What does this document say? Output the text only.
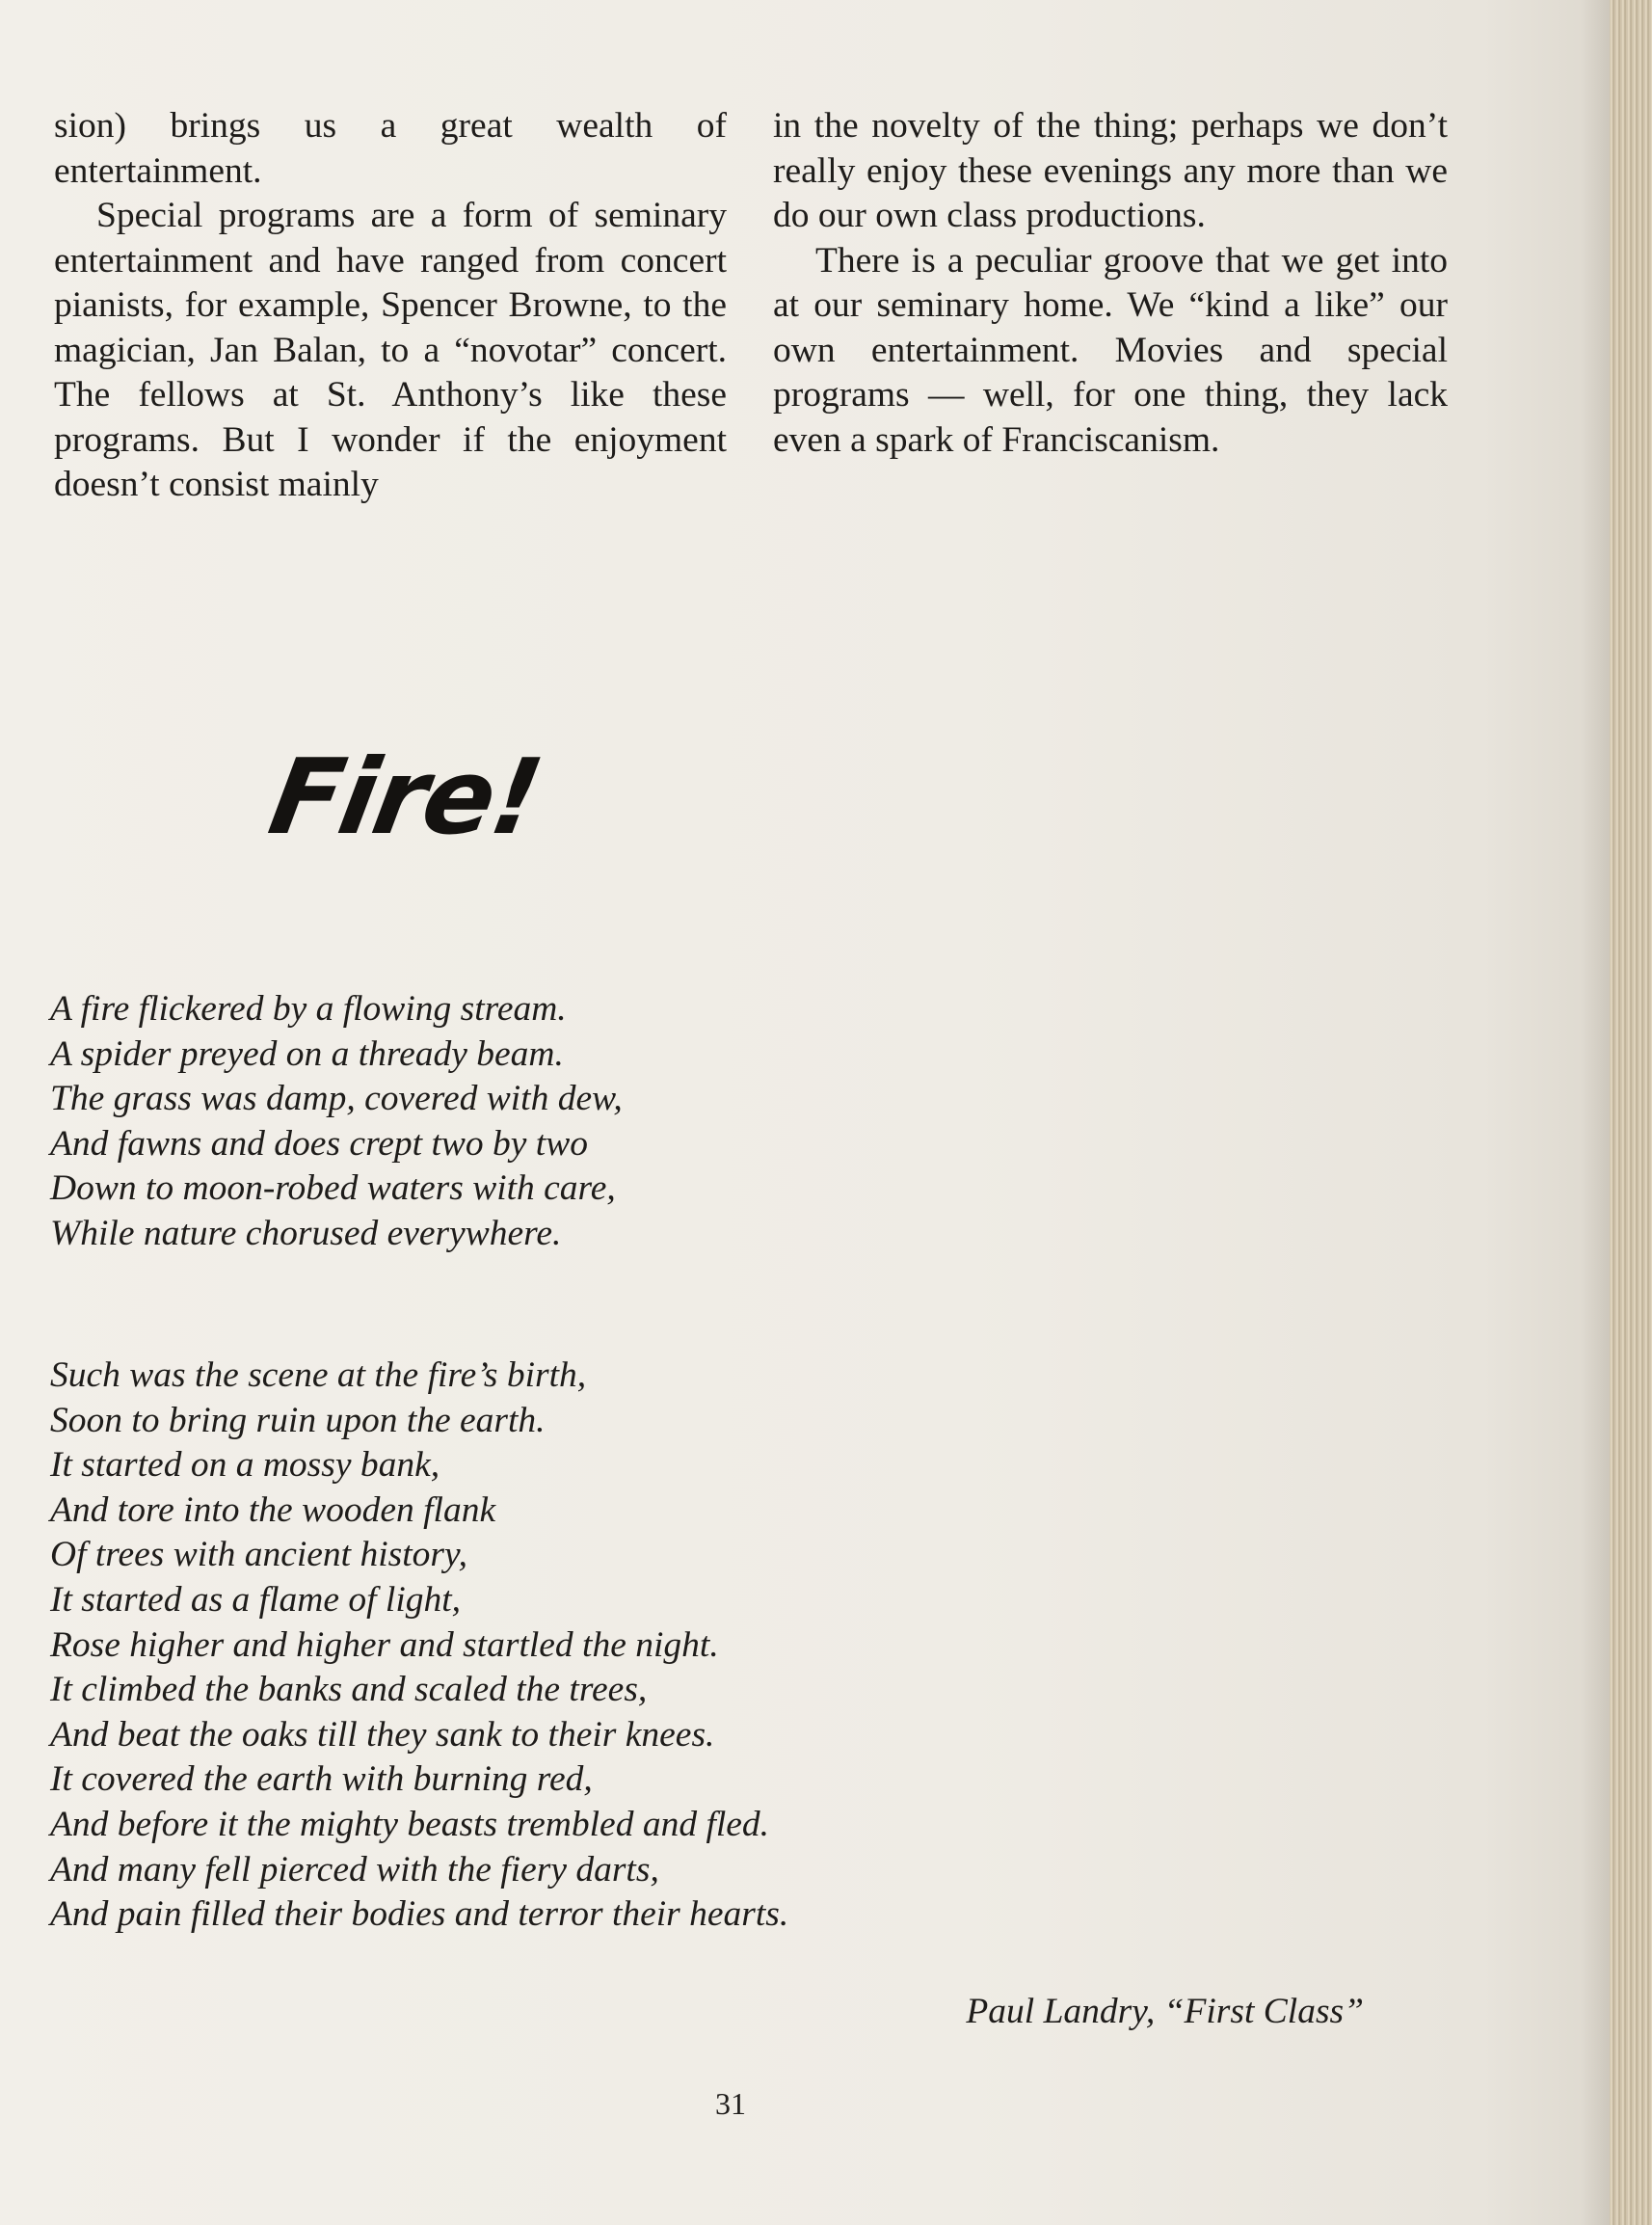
sion) brings us a great wealth of entertainment.

Special programs are a form of seminary entertainment and have ranged from concert pianists, for example, Spencer Browne, to the magician, Jan Balan, to a “novotar” concert. The fellows at St. Anthony’s like these programs. But I wonder if the enjoyment doesn’t consist mainly

in the novelty of the thing; perhaps we don’t really enjoy these evenings any more than we do our own class productions.

There is a peculiar groove that we get into at our seminary home. We “kind a like” our own entertainment. Movies and special programs — well, for one thing, they lack even a spark of Franciscanism.

Fire!
A fire flickered by a flowing stream.
A spider preyed on a thready beam.
The grass was damp, covered with dew,
And fawns and does crept two by two
Down to moon-robed waters with care,
While nature chorused everywhere.
Such was the scene at the fire’s birth,
Soon to bring ruin upon the earth.
It started on a mossy bank,
And tore into the wooden flank
Of trees with ancient history,
It started as a flame of light,
Rose higher and higher and startled the night.
It climbed the banks and scaled the trees,
And beat the oaks till they sank to their knees.
It covered the earth with burning red,
And before it the mighty beasts trembled and fled.
And many fell pierced with the fiery darts,
And pain filled their bodies and terror their hearts.
Paul Landry, “First Class”
31
